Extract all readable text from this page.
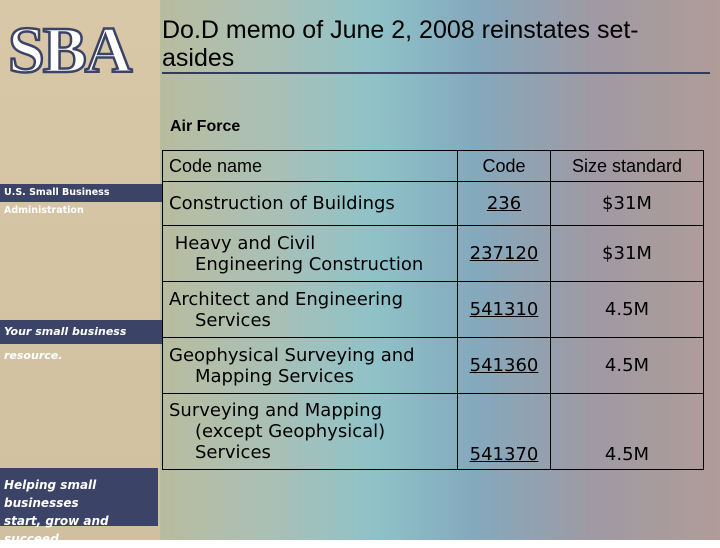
SBA
U.S. Small Business Administration
Your small business resource.
Helping small businesses
start, grow and succeed.
Do.D memo of June 2, 2008 reinstates set-asides
Air Force
Code name	Code	Size standard
Construction of Buildings	236	$31M
Heavy and Civil

Engineering Construction	237120	$31M
Architect and Engineering

Services	541310	4.5M
Geophysical Surveying and

Mapping Services	541360	4.5M
Surveying and Mapping

(except Geophysical)
Services	541370	4.5M
